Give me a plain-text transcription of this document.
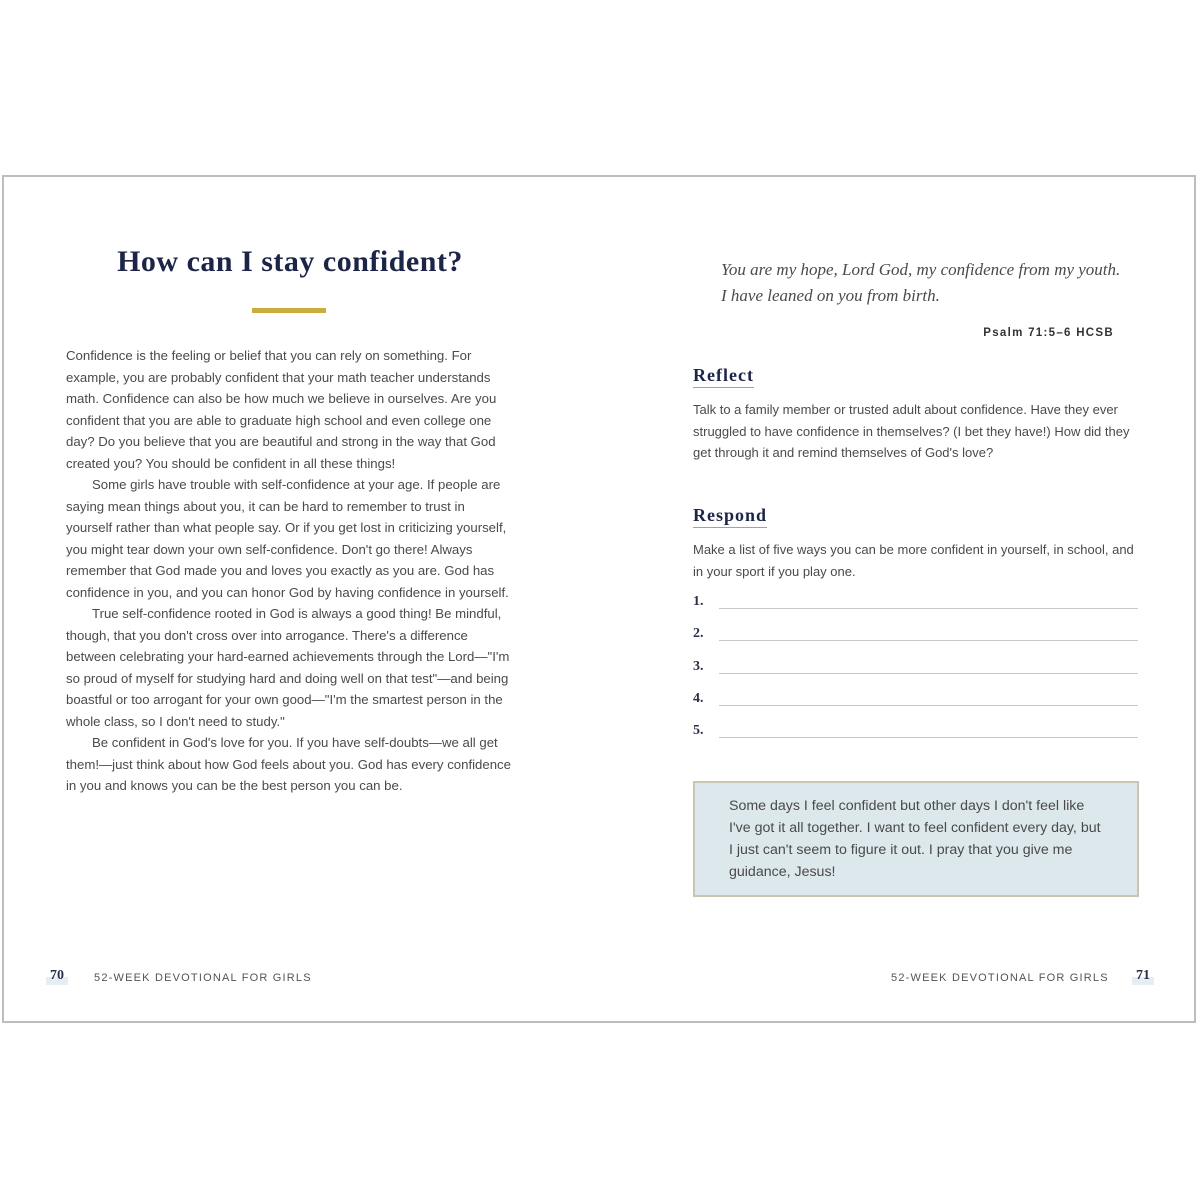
How can I stay confident?

Confidence is the feeling or belief that you can rely on something. For example, you are probably confident that your math teacher understands math. Confidence can also be how much we believe in ourselves. Are you confident that you are able to graduate high school and even college one day? Do you believe that you are beautiful and strong in the way that God created you? You should be confident in all these things!

Some girls have trouble with self-confidence at your age. If people are saying mean things about you, it can be hard to remember to trust in yourself rather than what people say. Or if you get lost in criticizing yourself, you might tear down your own self-confidence. Don't go there! Always remember that God made you and loves you exactly as you are. God has confidence in you, and you can honor God by having confidence in yourself.

True self-confidence rooted in God is always a good thing! Be mindful, though, that you don't cross over into arrogance. There's a difference between celebrating your hard-earned achievements through the Lord—"I'm so proud of myself for studying hard and doing well on that test"—and being boastful or too arrogant for your own good—"I'm the smartest person in the whole class, so I don't need to study."

Be confident in God's love for you. If you have self-doubts—we all get them!—just think about how God feels about you. God has every confidence in you and knows you can be the best person you can be.

70	52-WEEK DEVOTIONAL FOR GIRLS

You are my hope, Lord God, my confidence from my youth. I have leaned on you from birth.

Psalm 71:5–6 HCSB
Reflect

Talk to a family member or trusted adult about confidence. Have they ever struggled to have confidence in themselves? (I bet they have!) How did they get through it and remind themselves of God's love?

Respond

Make a list of five ways you can be more confident in yourself, in school, and in your sport if you play one.

1.
2.
3.
4.
5.
Some days I feel confident but other days I don't feel like I've got it all together. I want to feel confident every day, but I just can't seem to figure it out. I pray that you give me guidance, Jesus!
52-WEEK DEVOTIONAL FOR GIRLS 71
